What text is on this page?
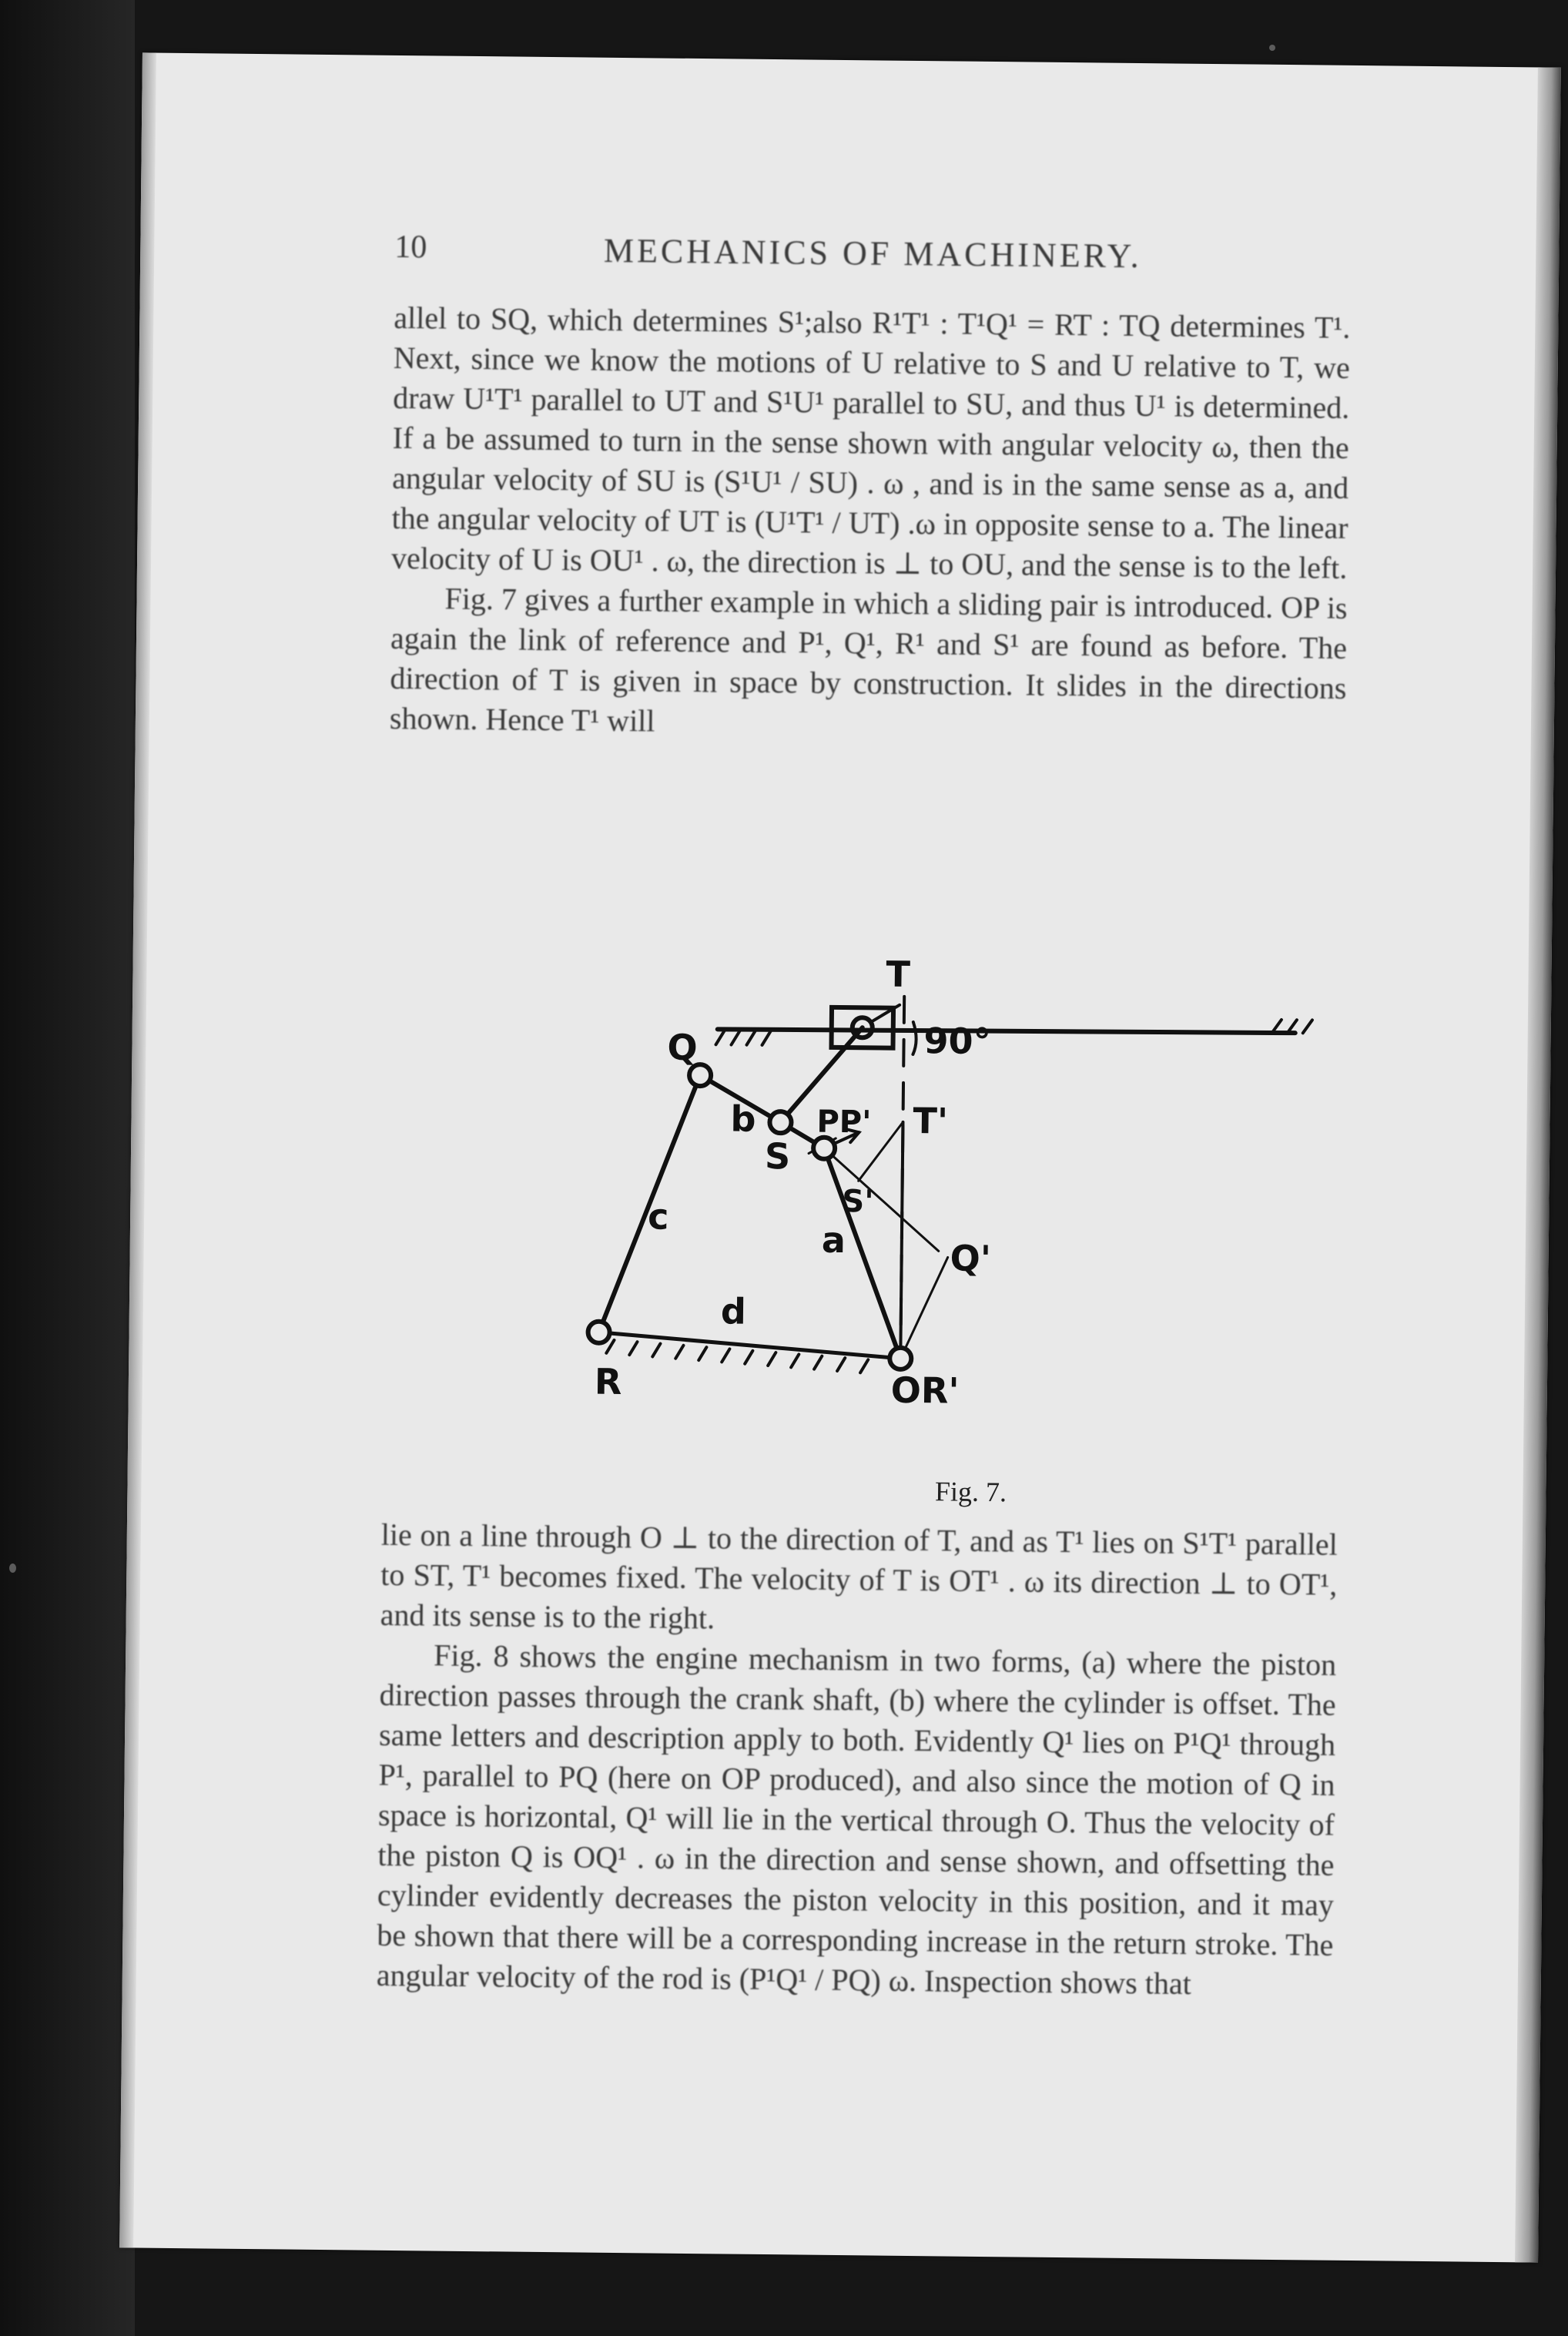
10	MECHANICS OF MACHINERY.

allel to SQ, which determines S¹;also R¹T¹ : T¹Q¹ = RT : TQ determines T¹. Next, since we know the motions of U relative to S and U relative to T, we draw U¹T¹ parallel to UT and S¹U¹ parallel to SU, and thus U¹ is determined. If a be assumed to turn in the sense shown with angular velocity ω, then the angular velocity of SU is (S¹U¹ / SU) . ω , and is in the same sense as a, and the angular velocity of UT is (U¹T¹ / UT) .ω in opposite sense to a. The linear velocity of U is OU¹ . ω, the direction is ⊥ to OU, and the sense is to the left.

Fig. 7 gives a further example in which a sliding pair is introduced. OP is again the link of reference and P¹, Q¹, R¹ and S¹ are found as before. The direction of T is given in space by construction. It slides in the directions shown. Hence T¹ will

T
Q	90°
b
S
PP' T'
c	S'
Q'
a
d
R	OR'
Fig. 7.

lie on a line through O ⊥ to the direction of T, and as T¹ lies on S¹T¹ parallel to ST, T¹ becomes fixed. The velocity of T is OT¹ . ω its direction ⊥ to OT¹, and its sense is to the right.

Fig. 8 shows the engine mechanism in two forms, (a) where the piston direction passes through the crank shaft, (b) where the cylinder is offset. The same letters and description apply to both. Evidently Q¹ lies on P¹Q¹ through P¹, parallel to PQ (here on OP produced), and also since the motion of Q in space is horizontal, Q¹ will lie in the vertical through O. Thus the velocity of the piston Q is OQ¹ . ω in the direction and sense shown, and offsetting the cylinder evidently decreases the piston velocity in this position, and it may be shown that there will be a corresponding increase in the return stroke. The angular velocity of the rod is (P¹Q¹ / PQ) ω. Inspection shows that
